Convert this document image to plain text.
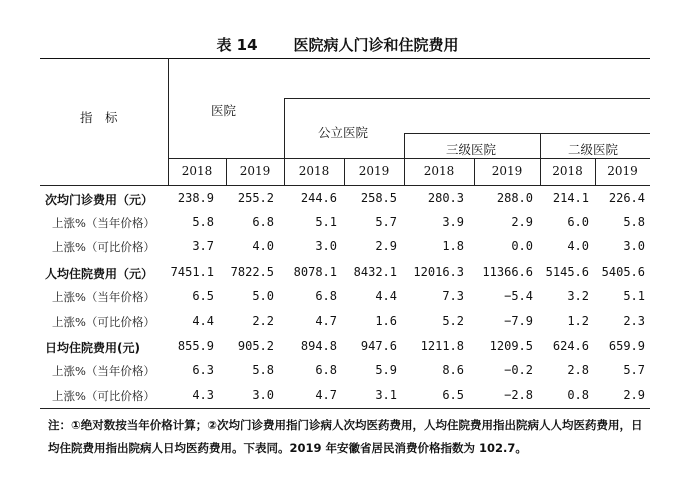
表 14 医院病人门诊和住院费用
指　标	医院
公立医院
三级医院	二级医院
2018	2019	2018	2019	2018	2019	2018	2019
次均门诊费用（元） 238.9 255.2 244.6 258.5	280.3	288.0 214.1 226.4
上涨%（当年价格）	5.8	6.8	5.1	5.7	3.9	2.9	6.0	5.8
上涨%（可比价格）	3.7	4.0	3.0	2.9	1.8	0.0	4.0	3.0
人均住院费用（元） 7451.1 7822.5 8078.1 8432.1 12016.3 11366.6 5145.6 5405.6
上涨%（当年价格）	6.5	5.0	6.8	4.4	7.3	−5.4	3.2	5.1
上涨%（可比价格）	4.4	2.2	4.7	1.6	5.2	−7.9	1.2	2.3
日均住院费用(元)	855.9 905.2 894.8 947.6 1211.8 1209.5 624.6 659.9
上涨%（当年价格）	6.3	5.8	6.8	5.9	8.6	−0.2	2.8	5.7
上涨%（可比价格）	4.3	3.0	4.7	3.1	6.5	−2.8	0.8	2.9
注：①绝对数按当年价格计算；②次均门诊费用指门诊病人次均医药费用，人均住院费用指出院病人人均医药费用，日均住院费用指出院病人日均医药费用。下表同。2019 年安徽省居民消费价格指数为 102.7。
